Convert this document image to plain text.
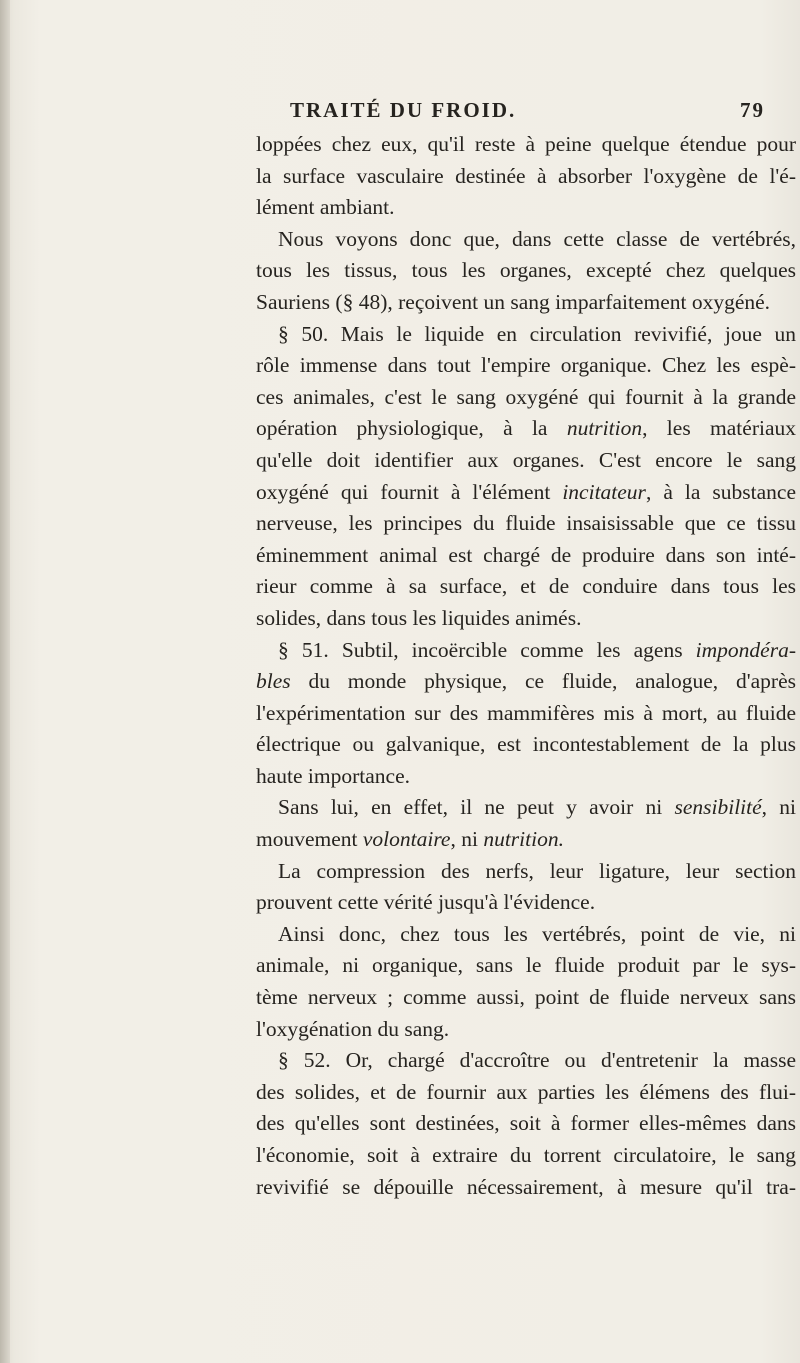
TRAITÉ DU FROID.	79
loppées chez eux, qu'il reste à peine quelque étendue pour
la surface vasculaire destinée à absorber l'oxygène de l'é-
lément ambiant.
Nous voyons donc que, dans cette classe de vertébrés,
tous les tissus, tous les organes, excepté chez quelques
Sauriens (§ 48), reçoivent un sang imparfaitement oxygéné.
§ 50. Mais le liquide en circulation revivifié, joue un
rôle immense dans tout l'empire organique. Chez les espè-
ces animales, c'est le sang oxygéné qui fournit à la grande
opération physiologique, à la nutrition, les matériaux
qu'elle doit identifier aux organes. C'est encore le sang
oxygéné qui fournit à l'élément incitateur, à la substance
nerveuse, les principes du fluide insaisissable que ce tissu
éminemment animal est chargé de produire dans son inté-
rieur comme à sa surface, et de conduire dans tous les
solides, dans tous les liquides animés.
§ 51. Subtil, incoërcible comme les agens impondéra-
bles du monde physique, ce fluide, analogue, d'après
l'expérimentation sur des mammifères mis à mort, au fluide
électrique ou galvanique, est incontestablement de la plus
haute importance.
Sans lui, en effet, il ne peut y avoir ni sensibilité, ni
mouvement volontaire, ni nutrition.
La compression des nerfs, leur ligature, leur section
prouvent cette vérité jusqu'à l'évidence.
Ainsi donc, chez tous les vertébrés, point de vie, ni
animale, ni organique, sans le fluide produit par le sys-
tème nerveux ; comme aussi, point de fluide nerveux sans
l'oxygénation du sang.
§ 52. Or, chargé d'accroître ou d'entretenir la masse
des solides, et de fournir aux parties les élémens des flui-
des qu'elles sont destinées, soit à former elles-mêmes dans
l'économie, soit à extraire du torrent circulatoire, le sang
revivifié se dépouille nécessairement, à mesure qu'il tra-
